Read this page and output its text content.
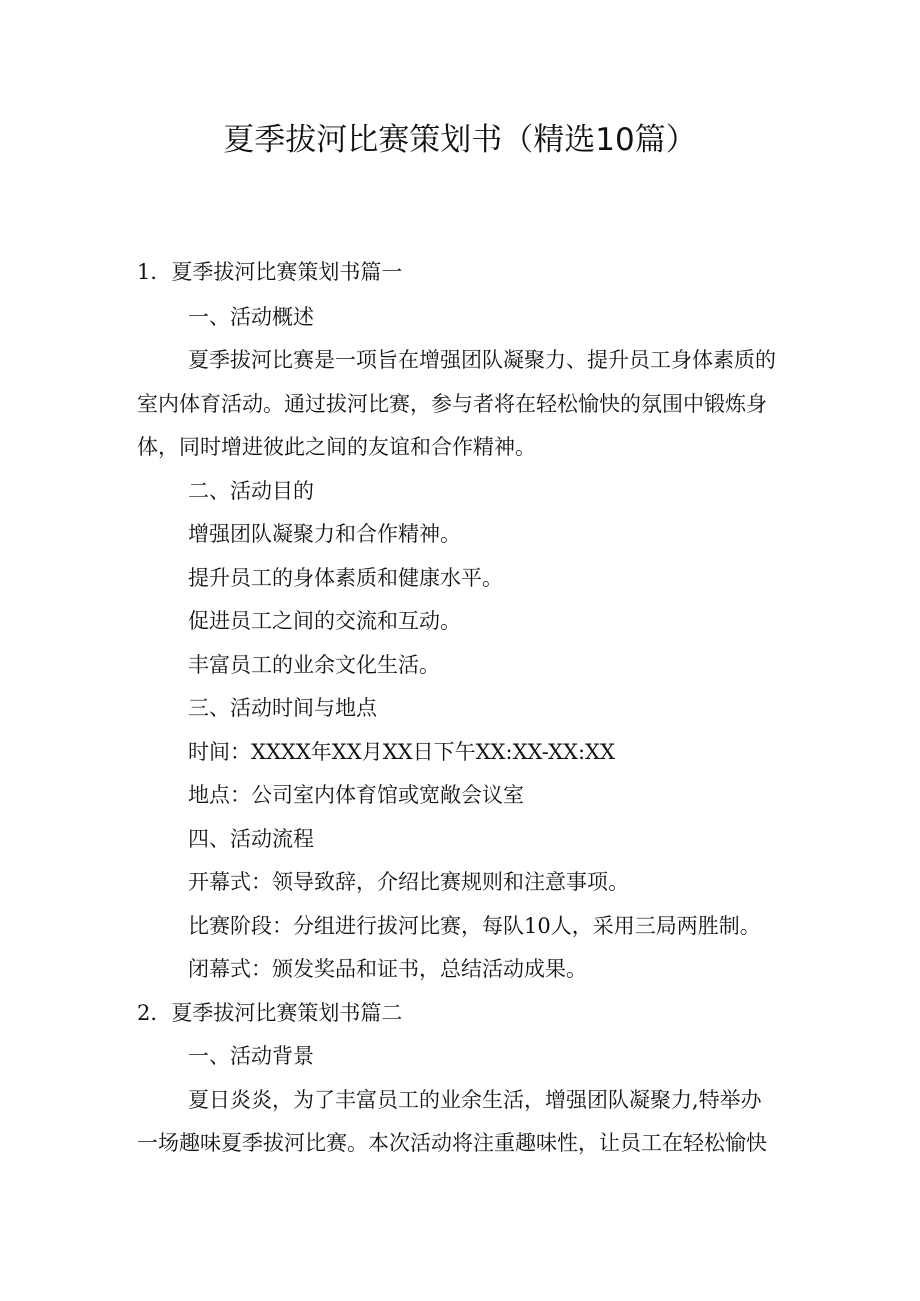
夏季拔河比赛策划书（精选10篇）
1．夏季拔河比赛策划书篇一
一、活动概述
夏季拔河比赛是一项旨在增强团队凝聚力、提升员工身体素质的
室内体育活动。通过拔河比赛，参与者将在轻松愉快的氛围中锻炼身
体，同时增进彼此之间的友谊和合作精神。
二、活动目的
增强团队凝聚力和合作精神。
提升员工的身体素质和健康水平。
促进员工之间的交流和互动。
丰富员工的业余文化生活。
三、活动时间与地点
时间：XXXX年XX月XX日下午XX:XX-XX:XX
地点：公司室内体育馆或宽敞会议室
四、活动流程
开幕式：领导致辞，介绍比赛规则和注意事项。
比赛阶段：分组进行拔河比赛，每队10人，采用三局两胜制。
闭幕式：颁发奖品和证书，总结活动成果。
2．夏季拔河比赛策划书篇二
一、活动背景
夏日炎炎，为了丰富员工的业余生活，增强团队凝聚力,特举办
一场趣味夏季拔河比赛。本次活动将注重趣味性，让员工在轻松愉快
